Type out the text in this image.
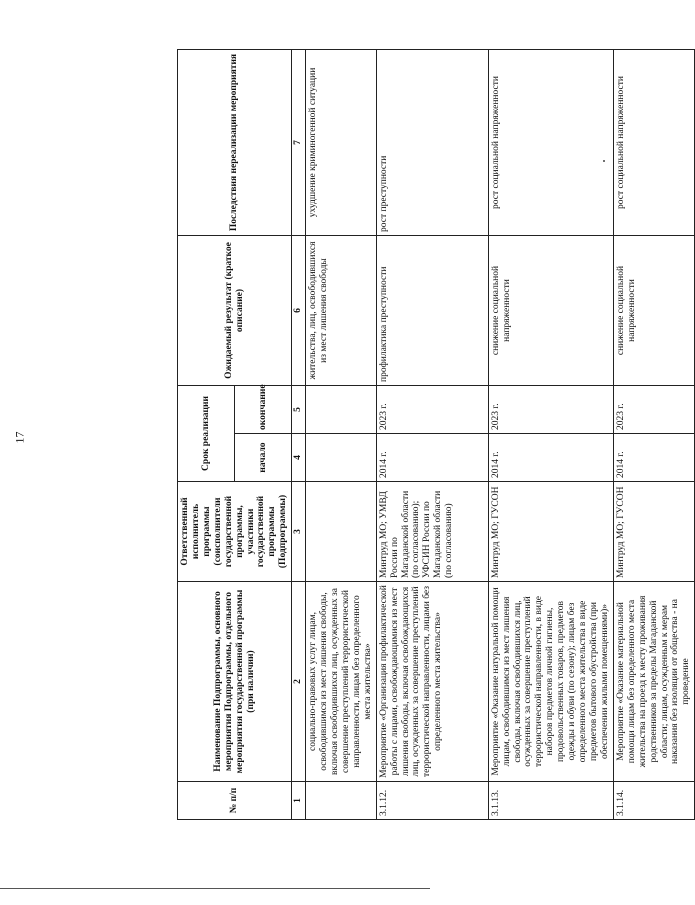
17
№ п/п	Наименование Подпрограммы, основного мероприятия Подпрограммы, отдельного мероприятия государственной программы (при наличии)	Ответственный исполнитель программы (соисполнители государственной программы, участники государственной программы (Подпрограммы)	Срок реализации		Ожидаемый результат (краткое описание)	Последствия нереализации мероприятия
			начало	окончание		
1	2	3	4	5	6	7
	социально-правовых услуг лицам, освободившимся из мест лишения свободы, включая освободившихся лиц, осужденных за совершение преступлений террористической направленности, лицам без определенного места жительства»				жительства, лиц, освободившихся из мест лишения свободы	ухудшение криминогенной ситуации
3.1.12.	Мероприятие «Организация профилактической работы с лицами, освобождающимися из мест лишения свободы, включая освобождающихся лиц, осужденных за совершение преступлений террористической направленности, лицами без определенного места жительства»	Минтруд МО; УМВД России по Магаданской области (по согласованию); УФСИН России по Магаданской области (по согласованию)	2014 г.	2023 г.	профилактика преступности	рост преступности
3.1.13.	Мероприятие «Оказание натуральной помощи лицам, освободившимся из мест лишения свободы, включая освободившихся лиц, осужденных за совершение преступлений террористической направленности, в виде наборов предметов личной гигиены, продовольственных товаров, предметов одежды и обуви (по сезону); лицам без определенного места жительства в виде предметов бытового обустройства (при обеспечении жилыми помещениями)»	Минтруд МО; ГУСОН	2014 г.	2023 г.	снижение социальной напряженности	рост социальной напряженности
3.1.14.	Мероприятие «Оказание материальной помощи лицам без определенного места жительства на проезд к месту проживания родственников за пределы Магаданской области; лицам, осужденным к мерам наказания без изоляции от общества - на проведение	Минтруд МО; ГУСОН	2014 г.	2023 г.	снижение социальной напряженности	рост социальной напряженности
